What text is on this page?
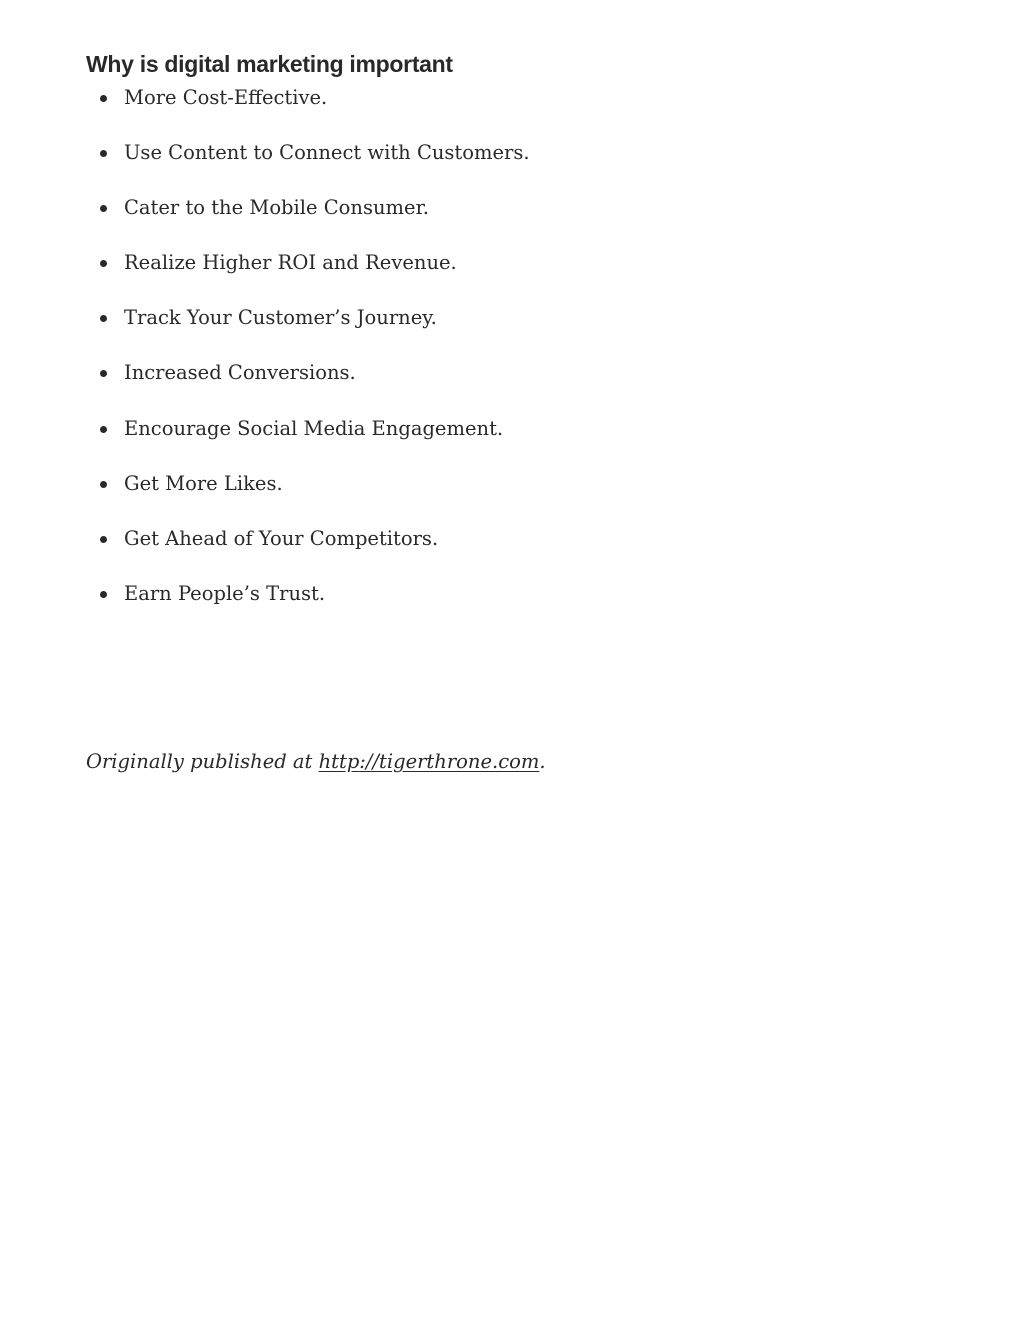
Why is digital marketing important
More Cost-Effective.
Use Content to Connect with Customers.
Cater to the Mobile Consumer.
Realize Higher ROI and Revenue.
Track Your Customer’s Journey.
Increased Conversions.
Encourage Social Media Engagement.
Get More Likes.
Get Ahead of Your Competitors.
Earn People’s Trust.

Originally published at http://tigerthrone.com.
